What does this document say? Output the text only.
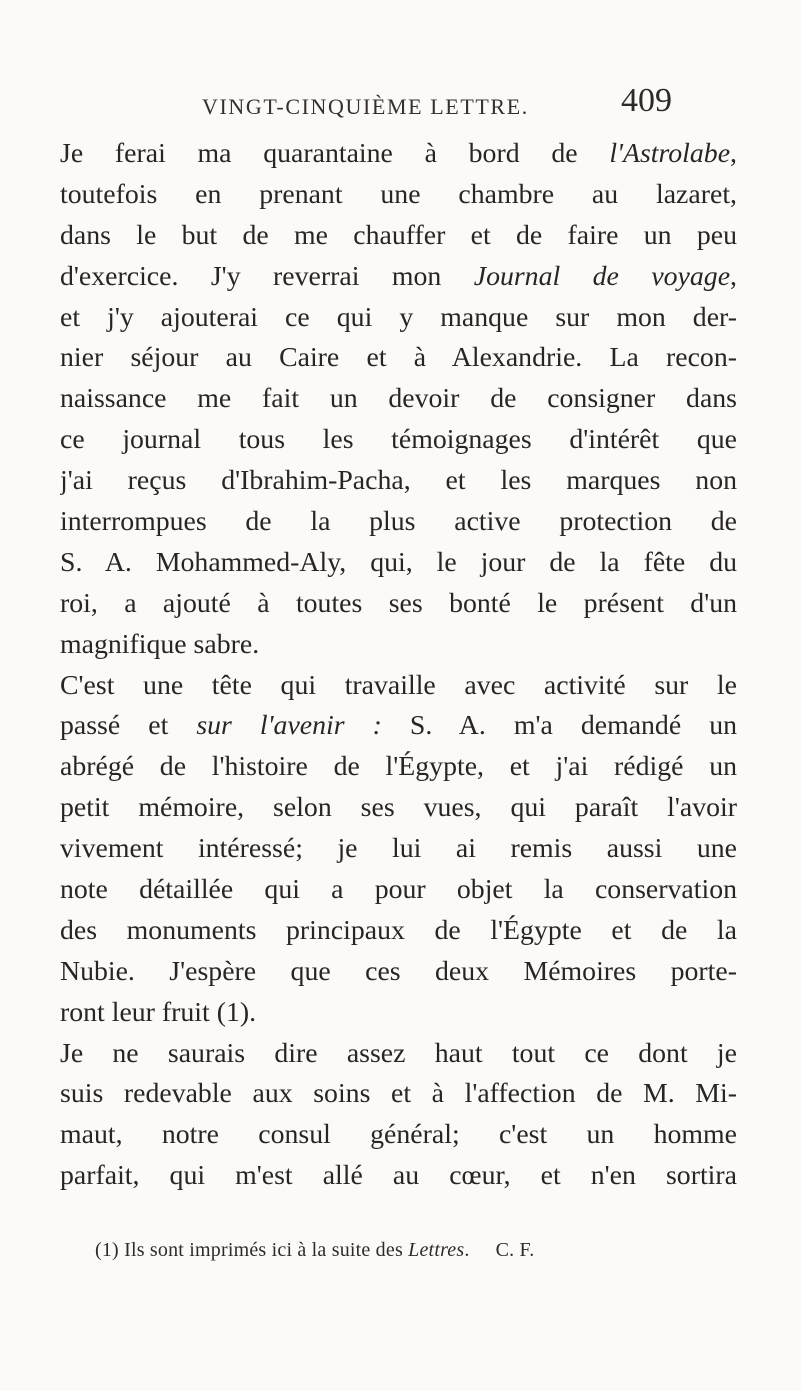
VINGT-CINQUIÈME LETTRE.	409
Je ferai ma quarantaine à bord de l'Astrolabe,
toutefois en prenant une chambre au lazaret,
dans le but de me chauffer et de faire un peu
d'exercice. J'y reverrai mon Journal de voyage,
et j'y ajouterai ce qui y manque sur mon der-
nier séjour au Caire et à Alexandrie. La recon-
naissance me fait un devoir de consigner dans
ce journal tous les témoignages d'intérêt que
j'ai reçus d'Ibrahim-Pacha, et les marques non
interrompues de la plus active protection de
S. A. Mohammed-Aly, qui, le jour de la fête du
roi, a ajouté à toutes ses bonté le présent d'un
magnifique sabre.
C'est une tête qui travaille avec activité sur le
passé et sur l'avenir : S. A. m'a demandé un
abrégé de l'histoire de l'Égypte, et j'ai rédigé un
petit mémoire, selon ses vues, qui paraît l'avoir
vivement intéressé; je lui ai remis aussi une
note détaillée qui a pour objet la conservation
des monuments principaux de l'Égypte et de la
Nubie. J'espère que ces deux Mémoires porte-
ront leur fruit (1).
Je ne saurais dire assez haut tout ce dont je
suis redevable aux soins et à l'affection de M. Mi-
maut, notre consul général; c'est un homme
parfait, qui m'est allé au cœur, et n'en sortira
(1) Ils sont imprimés ici à la suite des Lettres. C. F.
